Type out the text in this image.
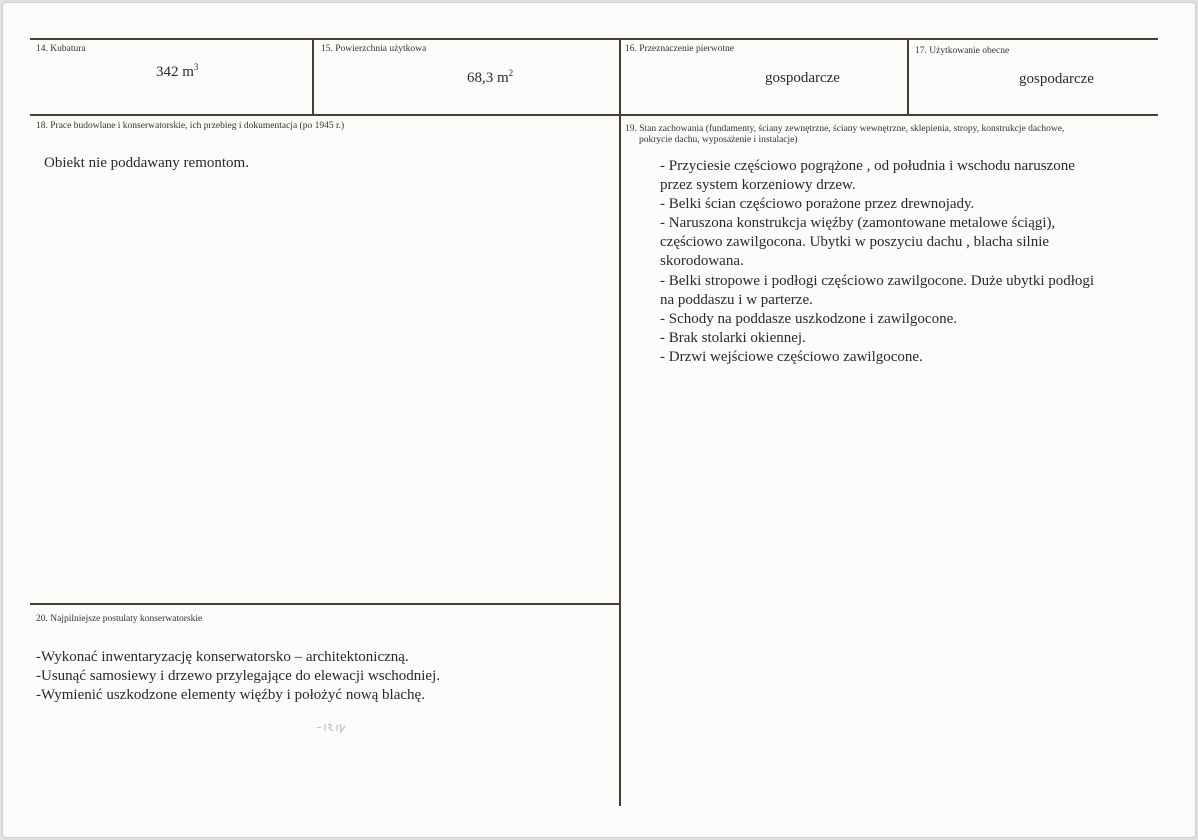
14. Kubatura
342 $m^3$
15. Powierzchnia użytkowa
68,3 $m^2$
16. Przeznaczenie pierwotne
gospodarcze
17. Użytkowanie obecne
gospodarcze
18. Prace budowlane i konserwatorskie, ich przebieg i dokumentacja (po 1945 r.)
Obiekt nie poddawany remontom.
19. Stan zachowania (fundamenty, ściany zewnętrzne, ściany wewnętrzne, sklepienia, stropy, konstrukcje dachowe,
pokrycie dachu, wyposażenie i instalacje)
- Przyciesie częściowo pogrążone , od południa i wschodu naruszone
przez system korzeniowy drzew.
- Belki ścian częściowo porażone przez drewnojady.
- Naruszona konstrukcja więźby (zamontowane metalowe ściągi),
częściowo zawilgocona. Ubytki w poszyciu dachu , blacha silnie
skorodowana.
- Belki stropowe i podłogi częściowo zawilgocone. Duże ubytki podłogi
na poddaszu i w parterze.
- Schody na poddasze uszkodzone i zawilgocone.
- Brak stolarki okiennej.
- Drzwi wejściowe częściowo zawilgocone.
20. Najpilniejsze postulaty konserwatorskie
-Wykonać inwentaryzację konserwatorsko – architektoniczną.
-Usunąć samosiewy i drzewo przylegające do elewacji wschodniej.
-Wymienić uszkodzone elementy więźby i położyć nową blachę.
